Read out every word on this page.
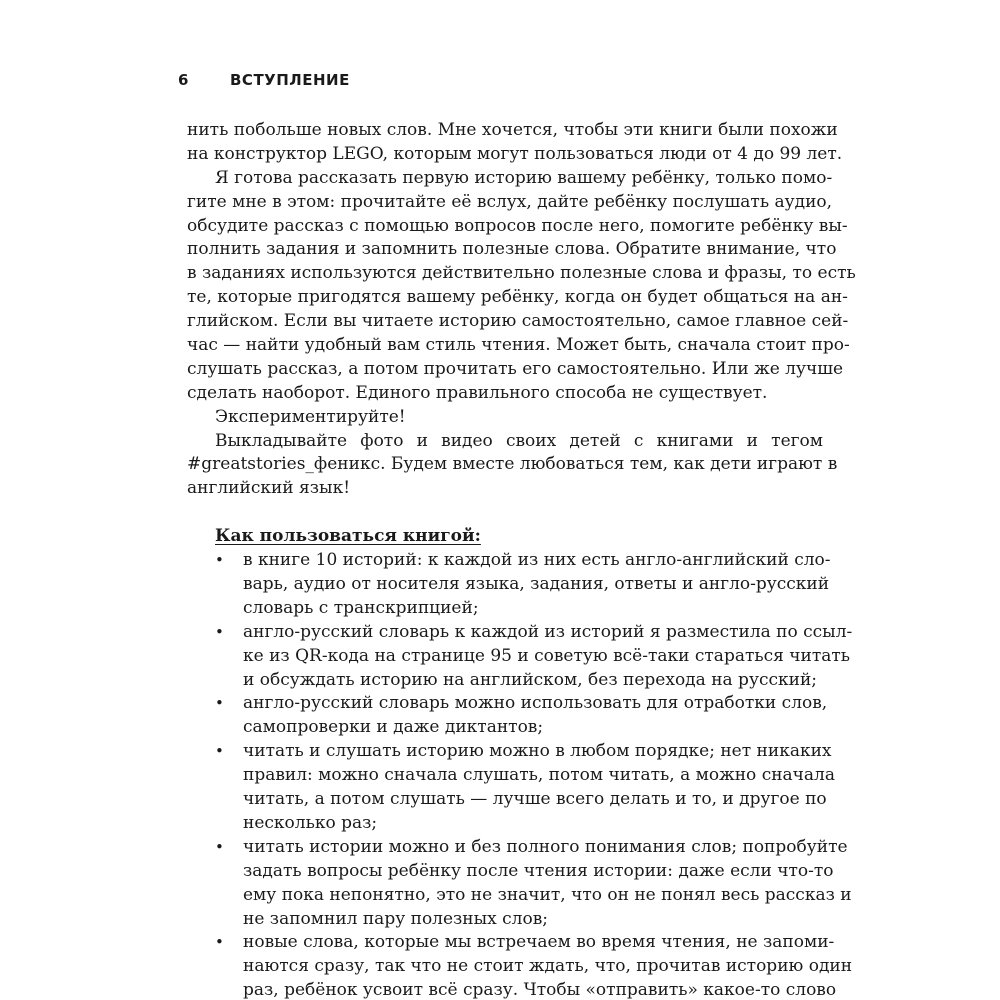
6	ВСТУПЛЕНИЕ
нить побольше новых слов. Мне хочется, чтобы эти книги были похожи
на конструктор LEGO, которым могут пользоваться люди от 4 до 99 лет.
Я готова рассказать первую историю вашему ребёнку, только помо-
гите мне в этом: прочитайте её вслух, дайте ребёнку послушать аудио,
обсудите рассказ с помощью вопросов после него, помогите ребёнку вы-
полнить задания и запомнить полезные слова. Обратите внимание, что
в заданиях используются действительно полезные слова и фразы, то есть
те, которые пригодятся вашему ребёнку, когда он будет общаться на ан-
глийском. Если вы читаете историю самостоятельно, самое главное сей-
час — найти удобный вам стиль чтения. Может быть, сначала стоит про-
слушать рассказ, а потом прочитать его самостоятельно. Или же лучше
сделать наоборот. Единого правильного способа не существует.
Экспериментируйте!
Выкладывайте фото и видео своих детей с книгами и тегом
#greatstories_феникс. Будем вместе любоваться тем, как дети играют в
английский язык!
Как пользоваться книгой:
•	в книге 10 историй: к каждой из них есть англо-английский сло-
варь, аудио от носителя языка, задания, ответы и англо-русский
словарь с транскрипцией;
•	англо-русский словарь к каждой из историй я разместила по ссыл-
ке из QR-кода на странице 95 и советую всё-таки стараться читать
и обсуждать историю на английском, без перехода на русский;
•	англо-русский словарь можно использовать для отработки слов,
самопроверки и даже диктантов;
•	читать и слушать историю можно в любом порядке; нет никаких
правил: можно сначала слушать, потом читать, а можно сначала
читать, а потом слушать — лучше всего делать и то, и другое по
несколько раз;
•	читать истории можно и без полного понимания слов; попробуйте
задать вопросы ребёнку после чтения истории: даже если что-то
ему пока непонятно, это не значит, что он не понял весь рассказ и
не запомнил пару полезных слов;
•	новые слова, которые мы встречаем во время чтения, не запоми-
наются сразу, так что не стоит ждать, что, прочитав историю один
раз, ребёнок усвоит всё сразу. Чтобы «отправить» какое-то слово
